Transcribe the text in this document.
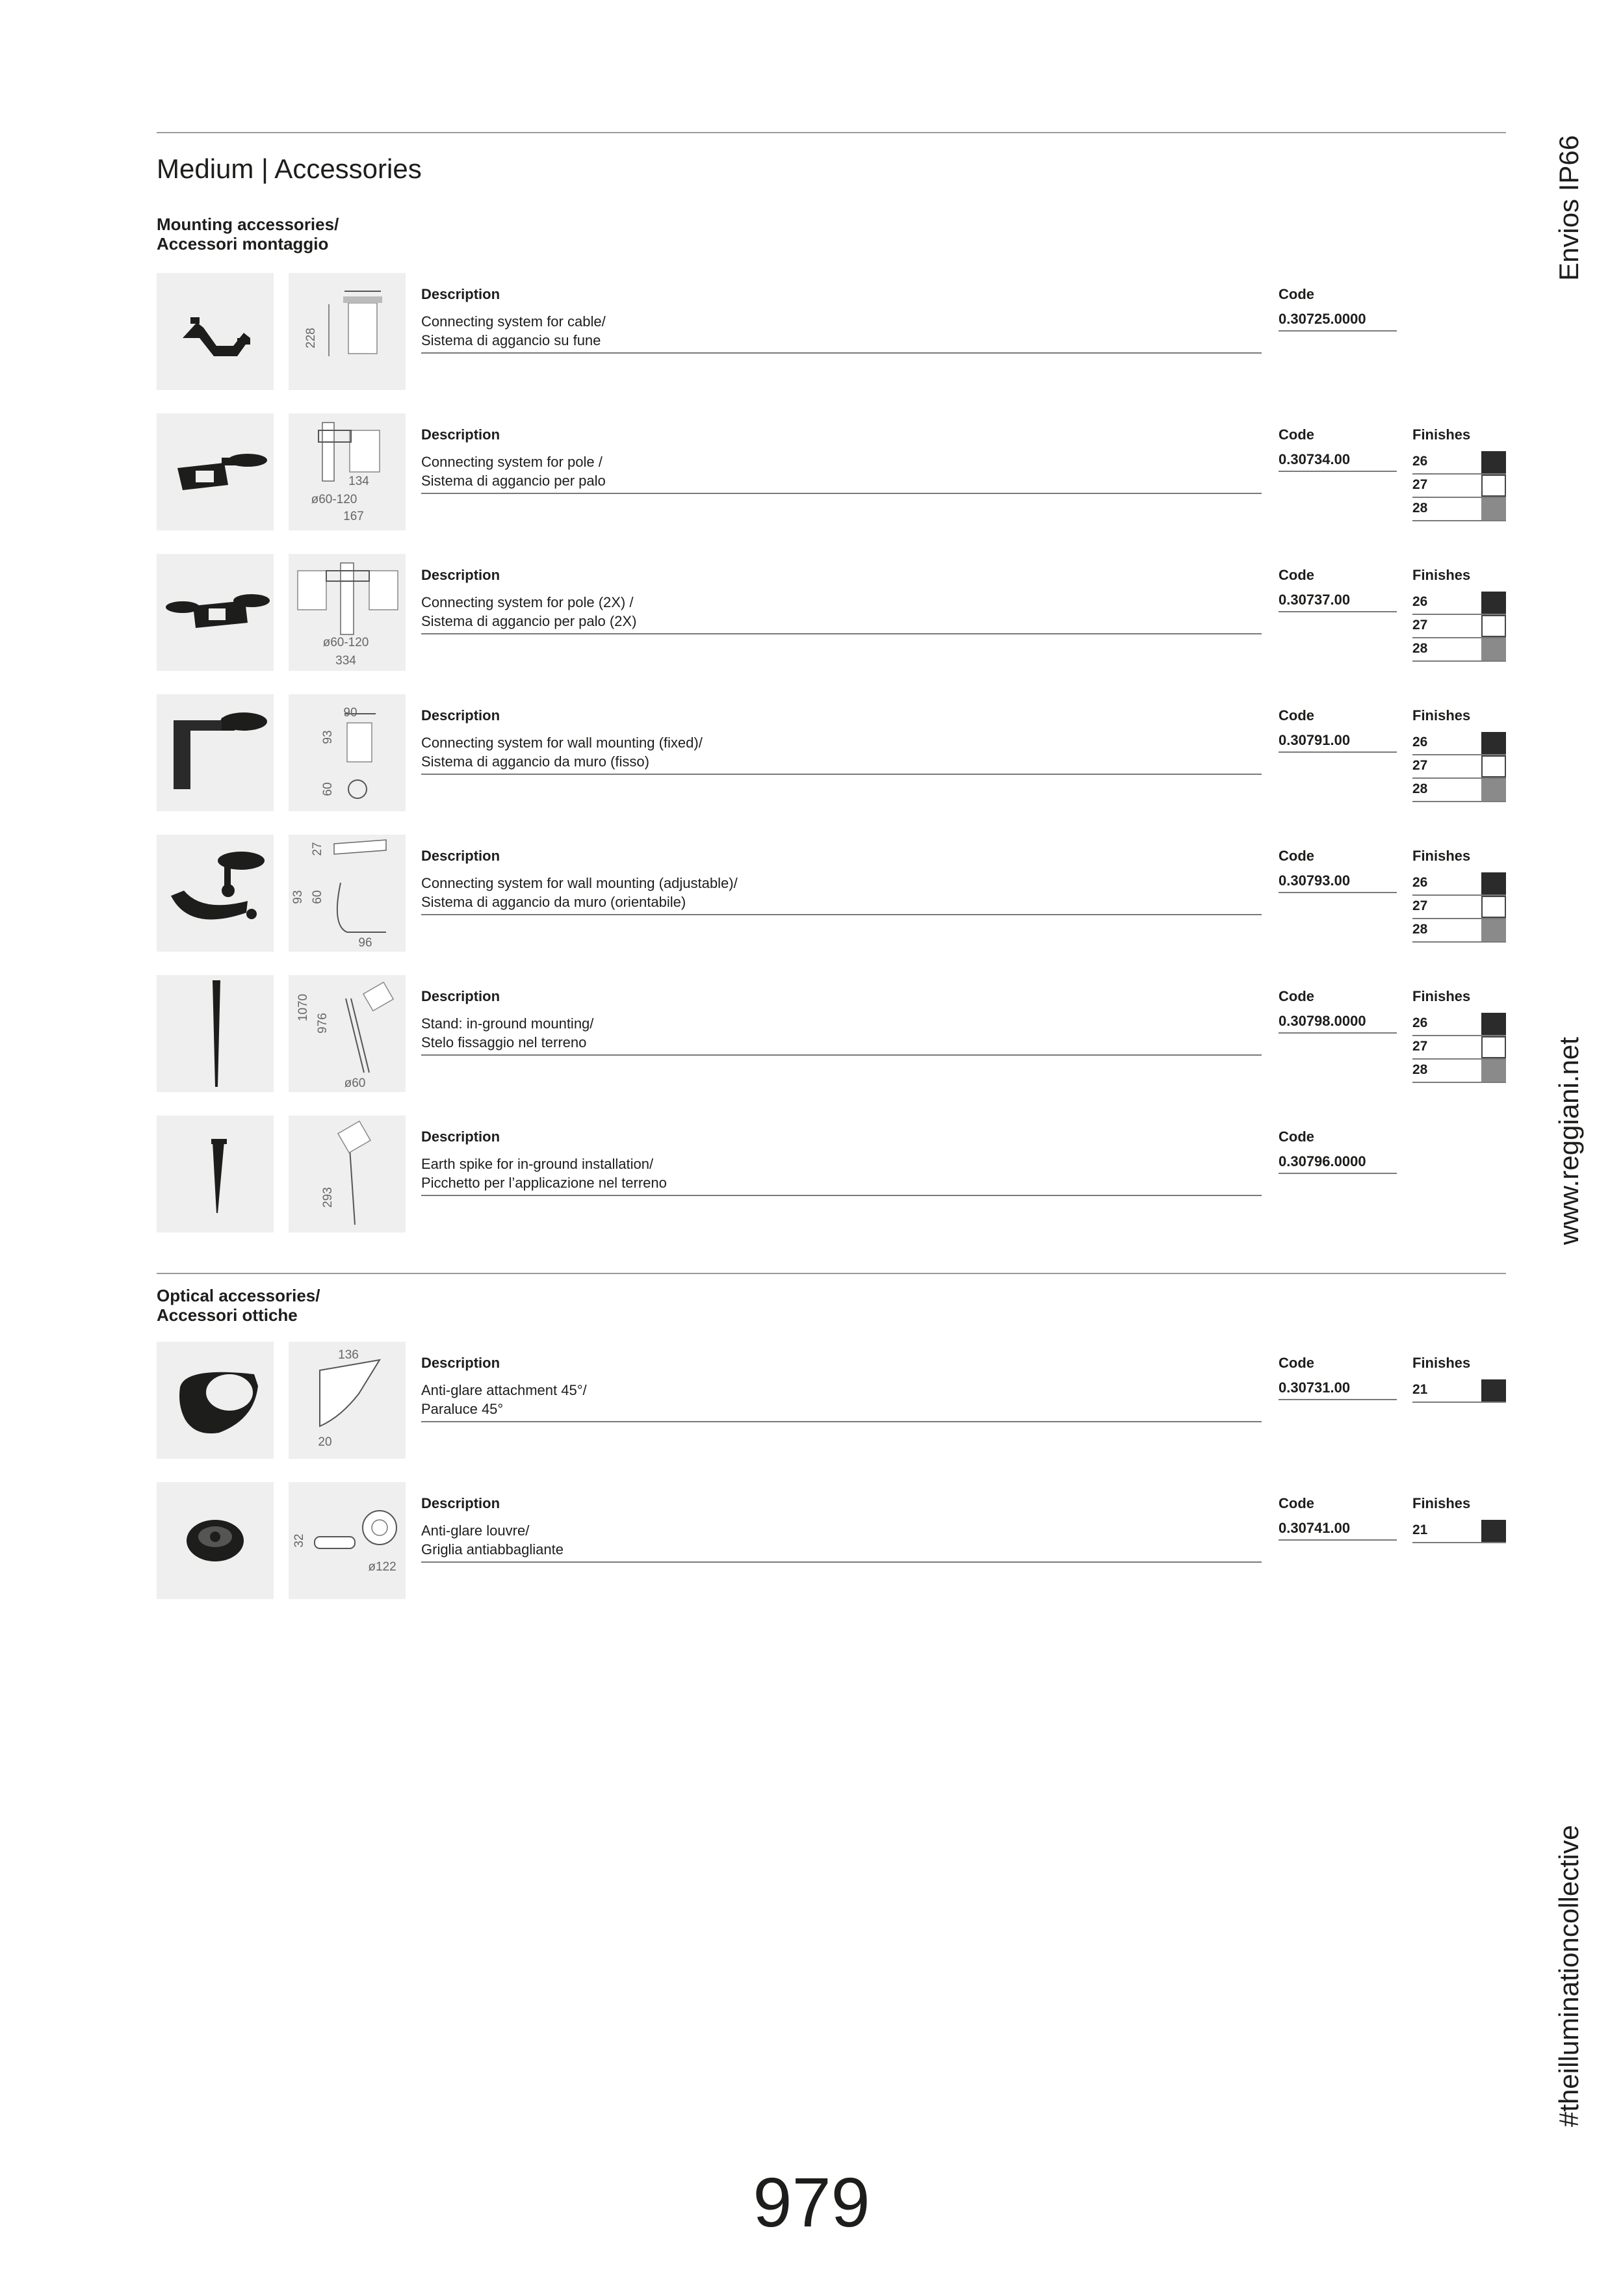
Medium | Accessories
Mounting accessories/
Accessori montaggio
Optical accessories/
Accessori ottiche
228
Description
Connecting system for cable/
Sistema di aggancio su fune
Code
0.30725.0000
134
ø60-120
167
Description
Connecting system for pole /
Sistema di aggancio per palo
Code
0.30734.00
Finishes
26
27
28
ø60-120
334
Description
Connecting system for pole (2X) /
Sistema di aggancio per palo (2X)
Code
0.30737.00
Finishes
26
27
28
90
93
60
Description
Connecting system for wall mounting (fixed)/
Sistema di aggancio da muro (fisso)
Code
0.30791.00
Finishes
26
27
28
27
93 60
96
Description
Connecting system for wall mounting (adjustable)/
Sistema di aggancio da muro (orientabile)
Code
0.30793.00
Finishes
26
27
28
1070
976
ø60
Description
Stand: in-ground mounting/
Stelo fissaggio nel terreno
Code
0.30798.0000
Finishes
26
27
28
293
Description
Earth spike for in-ground installation/
Picchetto per l’applicazione nel terreno
Code
0.30796.0000
136
20
Description
Anti-glare attachment 45°/
Paraluce 45°
Code
0.30731.00
Finishes
21
32
ø122
Description
Anti-glare louvre/
Griglia antiabbagliante
Code
0.30741.00
Finishes
21
Envios IP66
www.reggiani.net
#theilluminationcollective
979
